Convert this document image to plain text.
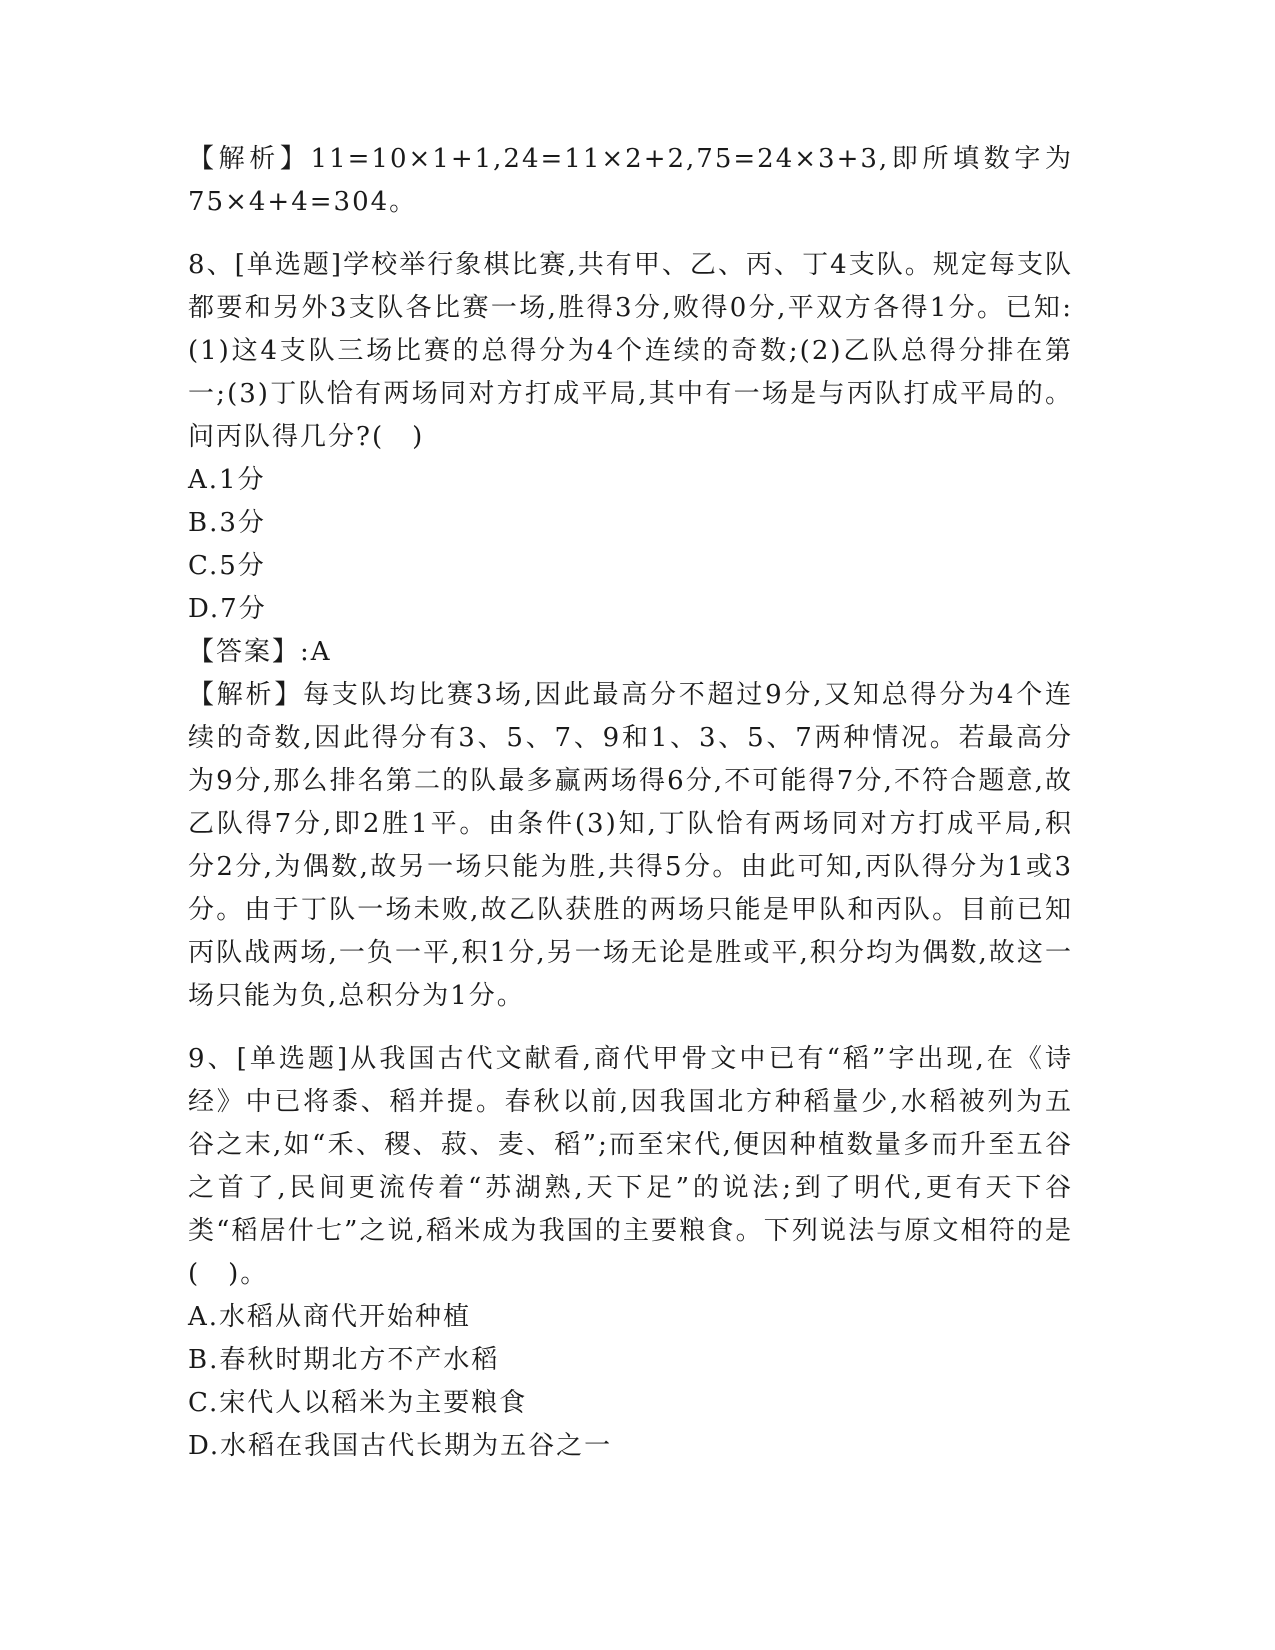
【解析】11=10×1+1,24=11×2+2,75=24×3+3,即所填数字为75×4+4=304。

8、[单选题]学校举行象棋比赛,共有甲、乙、丙、丁4支队。规定每支队都要和另外3支队各比赛一场,胜得3分,败得0分,平双方各得1分。已知:(1)这4支队三场比赛的总得分为4个连续的奇数;(2)乙队总得分排在第一;(3)丁队恰有两场同对方打成平局,其中有一场是与丙队打成平局的。问丙队得几分?(　)

A.1分

B.3分

C.5分

D.7分

【答案】:A

【解析】每支队均比赛3场,因此最高分不超过9分,又知总得分为4个连续的奇数,因此得分有3、5、7、9和1、3、5、7两种情况。若最高分为9分,那么排名第二的队最多赢两场得6分,不可能得7分,不符合题意,故乙队得7分,即2胜1平。由条件(3)知,丁队恰有两场同对方打成平局,积分2分,为偶数,故另一场只能为胜,共得5分。由此可知,丙队得分为1或3分。由于丁队一场未败,故乙队获胜的两场只能是甲队和丙队。目前已知丙队战两场,一负一平,积1分,另一场无论是胜或平,积分均为偶数,故这一场只能为负,总积分为1分。

9、[单选题]从我国古代文献看,商代甲骨文中已有“稻”字出现,在《诗经》中已将黍、稻并提。春秋以前,因我国北方种稻量少,水稻被列为五谷之末,如“禾、稷、菽、麦、稻”;而至宋代,便因种植数量多而升至五谷之首了,民间更流传着“苏湖熟,天下足”的说法;到了明代,更有天下谷类“稻居什七”之说,稻米成为我国的主要粮食。下列说法与原文相符的是(　)。

A.水稻从商代开始种植

B.春秋时期北方不产水稻

C.宋代人以稻米为主要粮食

D.水稻在我国古代长期为五谷之一
